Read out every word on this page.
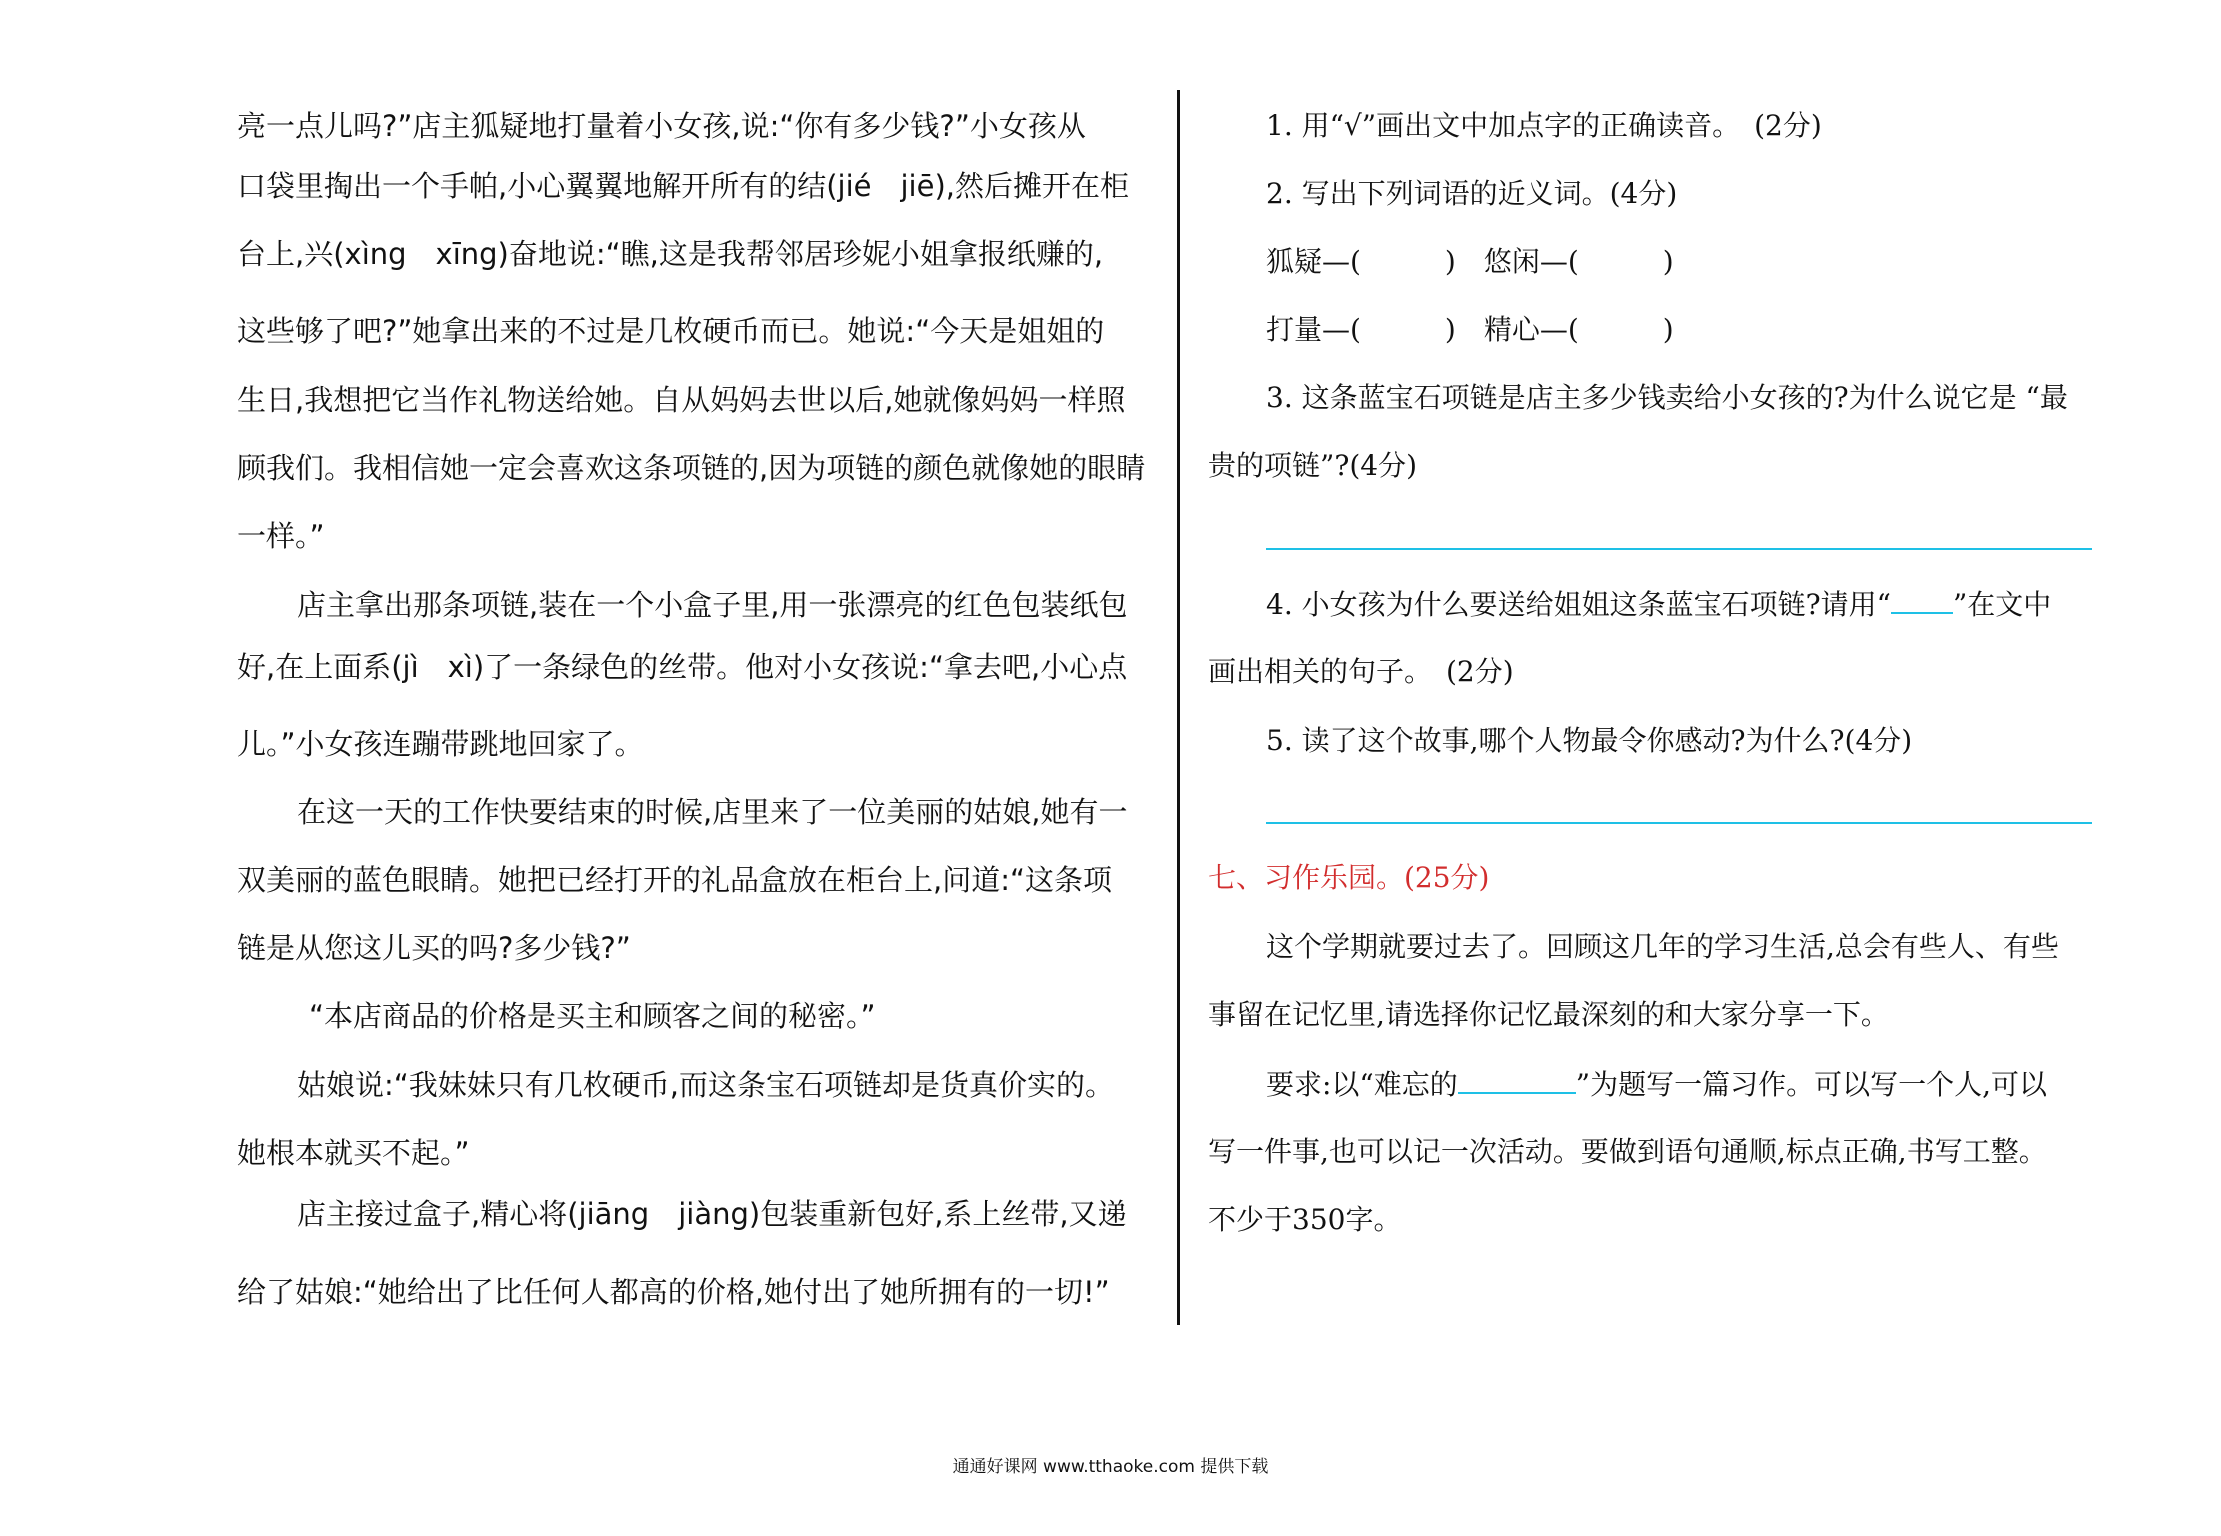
亮一点儿吗?”店主狐疑地打量着小女孩,说:“你有多少钱?”小女孩从
口袋里掏出一个手帕,小心翼翼地解开所有的结(jié　jiē),然后摊开在柜
台上,兴(xìng　xīng)奋地说:“瞧,这是我帮邻居珍妮小姐拿报纸赚的,
这些够了吧?”她拿出来的不过是几枚硬币而已。她说:“今天是姐姐的
生日,我想把它当作礼物送给她。自从妈妈去世以后,她就像妈妈一样照
顾我们。我相信她一定会喜欢这条项链的,因为项链的颜色就像她的眼睛
一样。”
店主拿出那条项链,装在一个小盒子里,用一张漂亮的红色包装纸包
好,在上面系(jì　xì)了一条绿色的丝带。他对小女孩说:“拿去吧,小心点
儿。”小女孩连蹦带跳地回家了。
在这一天的工作快要结束的时候,店里来了一位美丽的姑娘,她有一
双美丽的蓝色眼睛。她把已经打开的礼品盒放在柜台上,问道:“这条项
链是从您这儿买的吗?多少钱?”
“本店商品的价格是买主和顾客之间的秘密。”
姑娘说:“我妹妹只有几枚硬币,而这条宝石项链却是货真价实的。
她根本就买不起。”
店主接过盒子,精心将(jiāng　jiàng)包装重新包好,系上丝带,又递
给了姑娘:“她给出了比任何人都高的价格,她付出了她所拥有的一切!”
1. 用“√”画出文中加点字的正确读音。　(2分)
2. 写出下列词语的近义词。(4分)
狐疑—(　　　)　悠闲—(　　　)
打量—(　　　)　精心—(　　　)
3. 这条蓝宝石项链是店主多少钱卖给小女孩的?为什么说它是 “最
贵的项链”?(4分)
4. 小女孩为什么要送给姐姐这条蓝宝石项链?请用“ ”在文中
画出相关的句子。　(2分)
5. 读了这个故事,哪个人物最令你感动?为什么?(4分)
七、习作乐园。(25分)
这个学期就要过去了。回顾这几年的学习生活,总会有些人、有些
事留在记忆里,请选择你记忆最深刻的和大家分享一下。
要求:以“难忘的	”为题写一篇习作。可以写一个人,可以
写一件事,也可以记一次活动。要做到语句通顺,标点正确,书写工整。
不少于350字。
通通好课网 www.tthaoke.com 提供下载
